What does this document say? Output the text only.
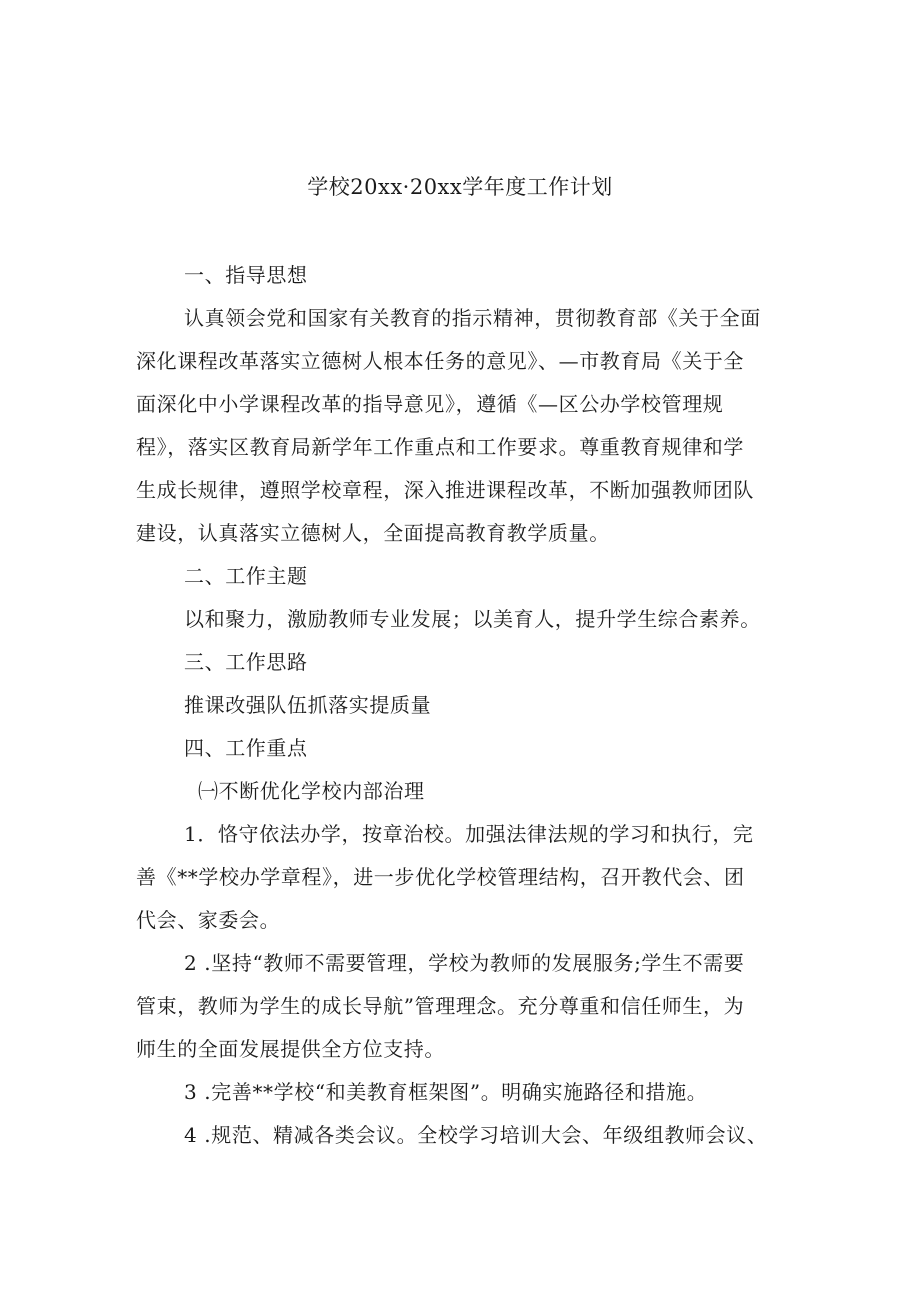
学校20xx·20xx学年度工作计划
一、指导思想
认真领会党和国家有关教育的指示精神，贯彻教育部《关于全面
深化课程改革落实立德树人根本任务的意见》、—市教育局《关于全
面深化中小学课程改革的指导意见》，遵循《—区公办学校管理规
程》，落实区教育局新学年工作重点和工作要求。尊重教育规律和学
生成长规律，遵照学校章程，深入推进课程改革，不断加强教师团队
建设，认真落实立德树人，全面提高教育教学质量。
二、工作主题
以和聚力，激励教师专业发展；以美育人，提升学生综合素养。
三、工作思路
推课改强队伍抓落实提质量
四、工作重点
㈠不断优化学校内部治理
1．恪守依法办学，按章治校。加强法律法规的学习和执行，完
善《**学校办学章程》，进一步优化学校管理结构，召开教代会、团
代会、家委会。
2 .坚持“教师不需要管理，学校为教师的发展服务;学生不需要
管束，教师为学生的成长导航”管理理念。充分尊重和信任师生，为
师生的全面发展提供全方位支持。
3 .完善**学校“和美教育框架图”。明确实施路径和措施。
4 .规范、精减各类会议。全校学习培训大会、年级组教师会议、
